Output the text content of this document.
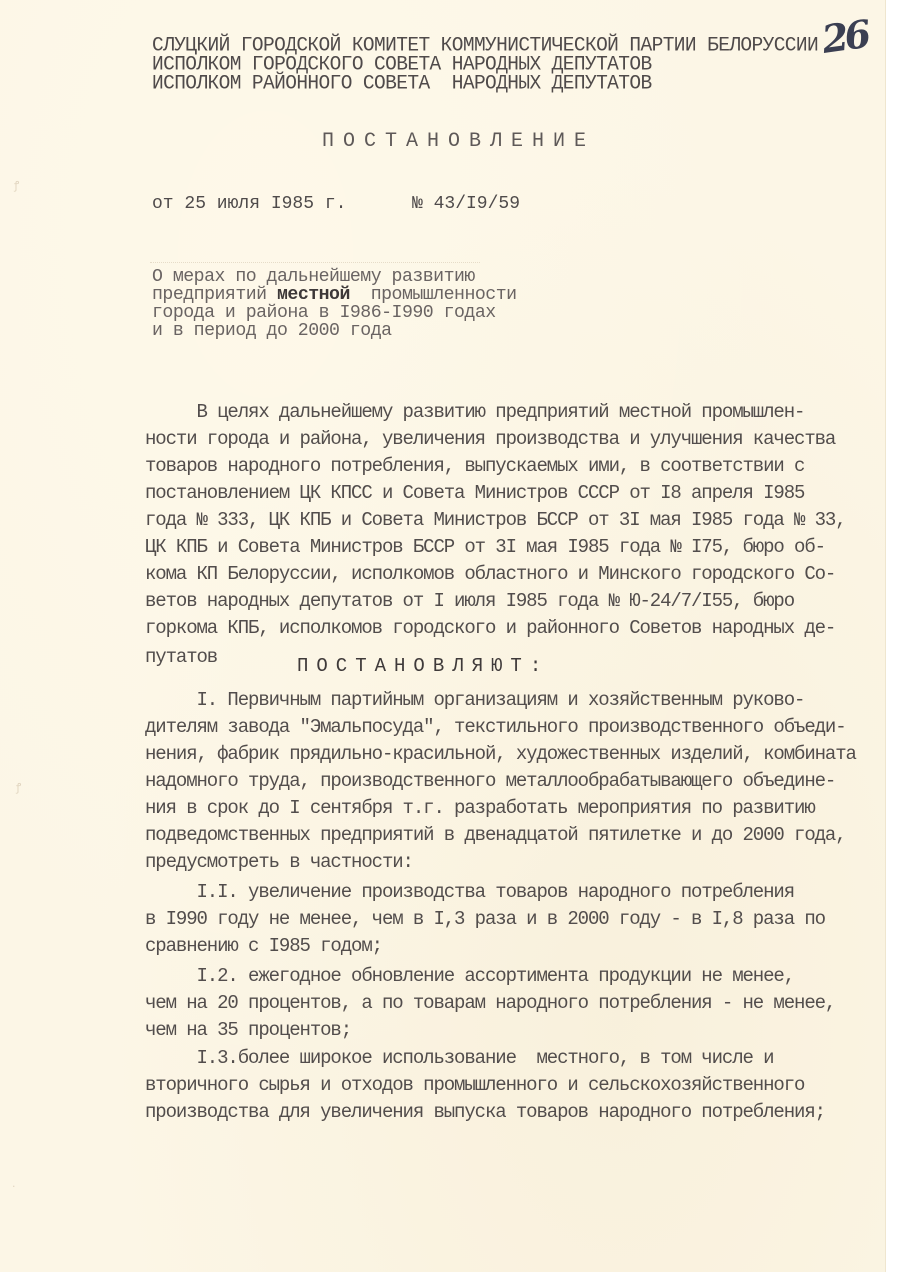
СЛУЦКИЙ ГОРОДСКОЙ КОМИТЕТ КОММУНИСТИЧЕСКОЙ ПАРТИИ БЕЛОРУССИИ
ИСПОЛКОМ ГОРОДСКОГО СОВЕТА НАРОДНЫХ ДЕПУТАТОВ
ИСПОЛКОМ РАЙОННОГО СОВЕТА  НАРОДНЫХ ДЕПУТАТОВ
26
ПОСТАНОВЛЕНИЕ
от 25 июля I985 г.	№ 43/I9/59
О мерах по дальнейшему развитию
предприятий местной  промышленности
города и района в I986-I990 годах
и в период до 2000 года
В целях дальнейшему развитию предприятий местной промышлен-
ности города и района, увеличения производства и улучшения качества
товаров народного потребления, выпускаемых ими, в соответствии с
постановлением ЦК КПСС и Совета Министров СССР от I8 апреля I985
года № 333, ЦК КПБ и Совета Министров БССР от 3I мая I985 года № 33,
ЦК КПБ и Совета Министров БССР от 3I мая I985 года № I75, бюро об-
кома КП Белоруссии, исполкомов областного и Минского городского Со-
ветов народных депутатов от I июля I985 года № Ю-24/7/I55, бюро
горкома КПБ, исполкомов городского и районного Советов народных де-
путатов	ПОСТАНОВЛЯЮТ:
I. Первичным партийным организациям и хозяйственным руково-
дителям завода "Эмальпосуда", текстильного производственного объеди-
нения, фабрик прядильно-красильной, художественных изделий, комбината
надомного труда, производственного металлообрабатывающего объедине-
ния в срок до I сентября т.г. разработать мероприятия по развитию
подведомственных предприятий в двенадцатой пятилетке и до 2000 года,
предусмотреть в частности:
I.I. увеличение производства товаров народного потребления
в I990 году не менее, чем в I,3 раза и в 2000 году - в I,8 раза по
сравнению с I985 годом;
I.2. ежегодное обновление ассортимента продукции не менее,
чем на 20 процентов, а по товарам народного потребления - не менее,
чем на 35 процентов;
I.3.более широкое использование  местного, в том числе и
вторичного сырья и отходов промышленного и сельскохозяйственного
производства для увеличения выпуска товаров народного потребления;
ꝭ
ꝭ
·
